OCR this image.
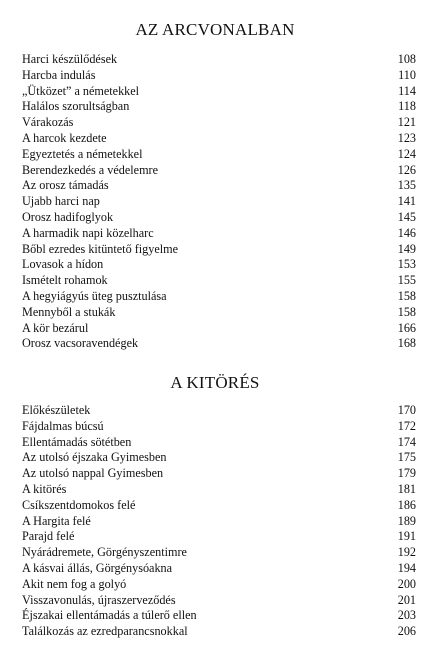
AZ ARCVONALBAN
Harci készülődések	108
Harcba indulás	110
„Ütközet” a németekkel	114
Halálos szorultságban	118
Várakozás	121
A harcok kezdete	123
Egyeztetés a németekkel	124
Berendezkedés a védelemre	126
Az orosz támadás	135
Ujabb harci nap	141
Orosz hadifoglyok	145
A harmadik napi közelharc	146
Bőbl ezredes kitüntető figyelme	149
Lovasok a hídon	153
Ismételt rohamok	155
A hegyiágyús üteg pusztulása	158
Mennyből a stukák	158
A kör bezárul	166
Orosz vacsoravendégek	168
A KITÖRÉS
Előkészületek	170
Fájdalmas búcsú	172
Ellentámadás sötétben	174
Az utolsó éjszaka Gyimesben	175
Az utolsó nappal Gyimesben	179
A kitörés	181
Csíkszentdomokos felé	186
A Hargita felé	189
Parajd felé	191
Nyárádremete, Görgényszentimre	192
A kásvai állás, Görgénysóakna	194
Akit nem fog a golyó	200
Visszavonulás, újraszerveződés	201
Éjszakai ellentámadás a túlerő ellen	203
Találkozás az ezredparancsnokkal	206
